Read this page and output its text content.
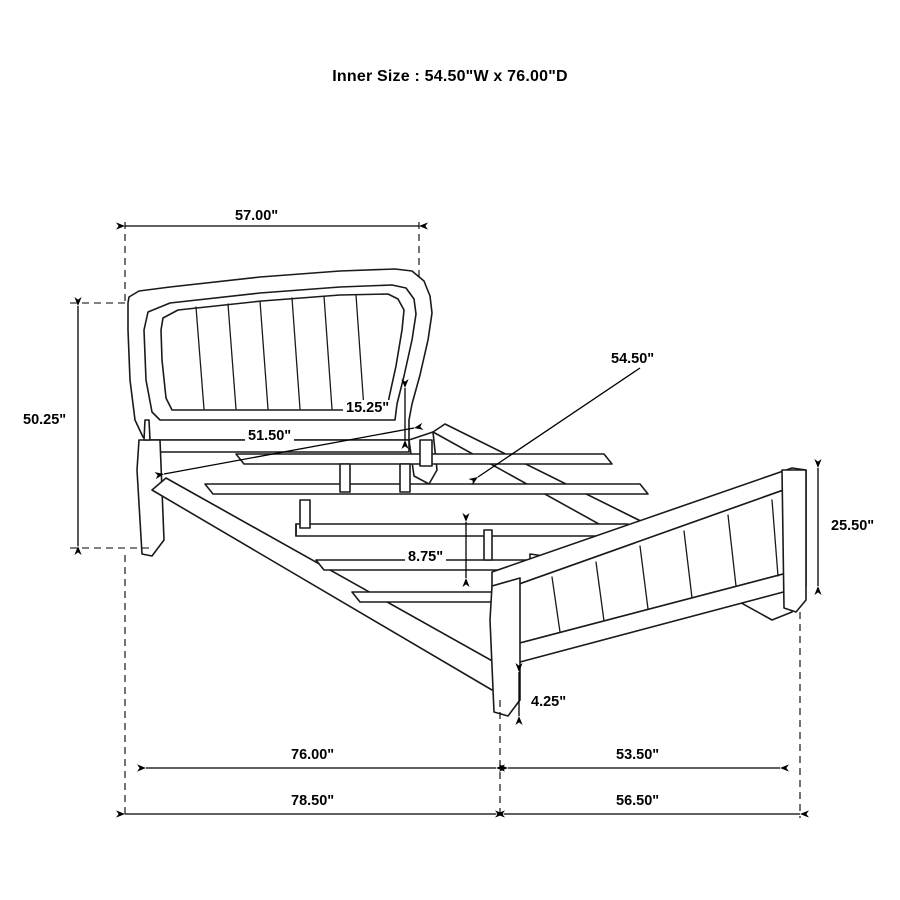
Inner Size : 54.50"W x 76.00"D
57.00"
50.25"
51.50"
15.25"
54.50"
25.50"
8.75"
4.25"
76.00"	53.50"
78.50"	56.50"
